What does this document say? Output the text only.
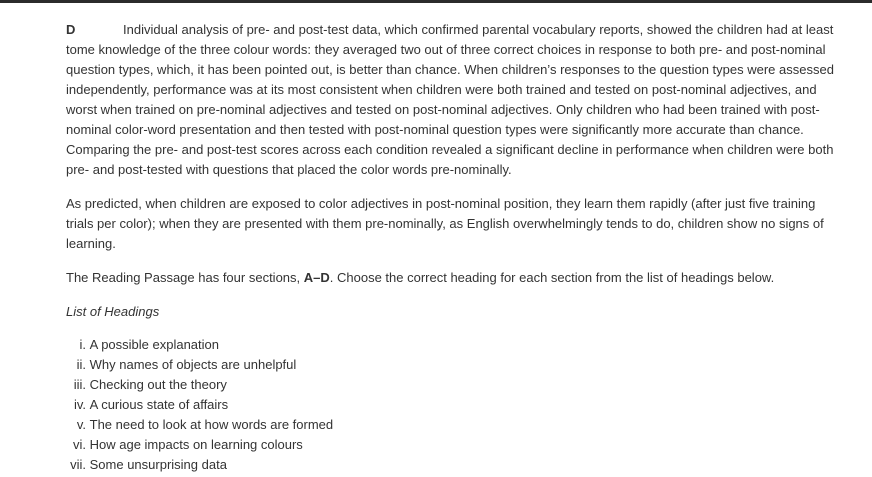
D	Individual analysis of pre- and post-test data, which confirmed parental vocabulary reports, showed the children had at least tome knowledge of the three colour words: they averaged two out of three correct choices in response to both pre- and post-nominal question types, which, it has been pointed out, is better than chance. When children’s responses to the question types were assessed independently, performance was at its most consistent when children were both trained and tested on post-nominal adjectives, and worst when trained on pre-nominal adjectives and tested on post-nominal adjectives. Only children who had been trained with post- nominal color-word presentation and then tested with post-nominal question types were significantly more accurate than chance. Comparing the pre- and post-test scores across each condition revealed a significant decline in performance when children were both pre- and post-tested with questions that placed the color words pre-nominally.

As predicted, when children are exposed to color adjectives in post-nominal position, they learn them rapidly (after just five training trials per color); when they are presented with them pre-nominally, as English overwhelmingly tends to do, children show no signs of learning.

The Reading Passage has four sections, A–D. Choose the correct heading for each section from the list of headings below.

List of Headings

i.
A possible explanation
ii.
Why names of objects are unhelpful
iii.
Checking out the theory
iv.
A curious state of affairs
v.
The need to look at how words are formed
vi.
How age impacts on learning colours
vii.
Some unsurprising data
